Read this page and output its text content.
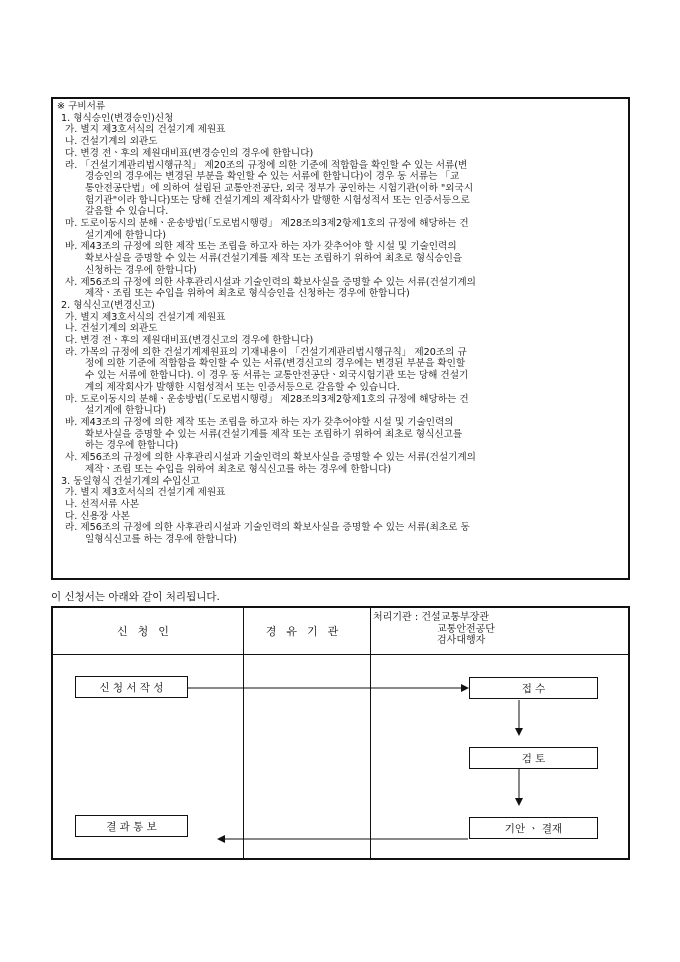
※ 구비서류
1. 형식승인(변경승인)신청
가. 별지 제3호서식의 건설기계 제원표
나. 건설기계의 외관도
다. 변경 전ㆍ후의 제원대비표(변경승인의 경우에 한합니다)
라. 「건설기계관리법시행규칙」 제20조의 규정에 의한 기준에 적합함을 확인할 수 있는 서류(변
경승인의 경우에는 변경된 부분을 확인할 수 있는 서류에 한합니다)이 경우 동 서류는 「교
통안전공단법」에 의하여 설립된 교통안전공단, 외국 정부가 공인하는 시험기관(이하 "외국시
험기관"이라 합니다)또는 당해 건설기계의 제작회사가 발행한 시험성적서 또는 인증서등으로
갈음할 수 있습니다.
마. 도로이동시의 분해ㆍ운송방법(「도로법시행령」 제28조의3제2항제1호의 규정에 해당하는 건
설기계에 한합니다)
바. 제43조의 규정에 의한 제작 또는 조립을 하고자 하는 자가 갖추어야 할 시설 및 기술인력의
확보사실을 증명할 수 있는 서류(건설기계를 제작 또는 조립하기 위하여 최초로 형식승인을
신청하는 경우에 한합니다)
사. 제56조의 규정에 의한 사후관리시설과 기술인력의 확보사실을 증명할 수 있는 서류(건설기계의
제작ㆍ조립 또는 수입을 위하여 최초로 형식승인을 신청하는 경우에 한합니다)
2. 형식신고(변경신고)
가. 별지 제3호서식의 건설기계 제원표
나. 건설기계의 외관도
다. 변경 전ㆍ후의 제원대비표(변경신고의 경우에 한합니다)
라. 가목의 규정에 의한 건설기계제원표의 기재내용이 「건설기계관리법시행규칙」 제20조의 규
정에 의한 기준에 적합함을 확인할 수 있는 서류(변경신고의 경우에는 변경된 부분을 확인할
수 있는 서류에 한합니다). 이 경우 동 서류는 교통안전공단ㆍ외국시험기관 또는 당해 건설기
계의 제작회사가 발행한 시험성적서 또는 인증서등으로 갈음할 수 있습니다.
마. 도로이동시의 분해ㆍ운송방법(「도로법시행령」 제28조의3제2항제1호의 규정에 해당하는 건
설기계에 한합니다)
바. 제43조의 규정에 의한 제작 또는 조립을 하고자 하는 자가 갖추어야할 시설 및 기술인력의
확보사실을 증명할 수 있는 서류(건설기계를 제작 또는 조립하기 위하여 최초로 형식신고를
하는 경우에 한합니다)
사. 제56조의 규정에 의한 사후관리시설과 기술인력의 확보사실을 증명할 수 있는 서류(건설기계의
제작ㆍ조립 또는 수입을 위하여 최초로 형식신고를 하는 경우에 한합니다)
3. 동일형식 건설기계의 수입신고
가. 별지 제3호서식의 건설기계 제원표
나. 선적서류 사본
다. 신용장 사본
라. 제56조의 규정에 의한 사후관리시설과 기술인력의 확보사실을 증명할 수 있는 서류(최초로 동
일형식신고를 하는 경우에 한합니다)
이 신청서는 아래와 같이 처리됩니다.
신청인	경유기관
처리기관 : 건설교통부장관
교통안전공단
검사대행자
신 청 서 작 성	접 수
검 토
기안 ㆍ 결재
결 과 통 보
